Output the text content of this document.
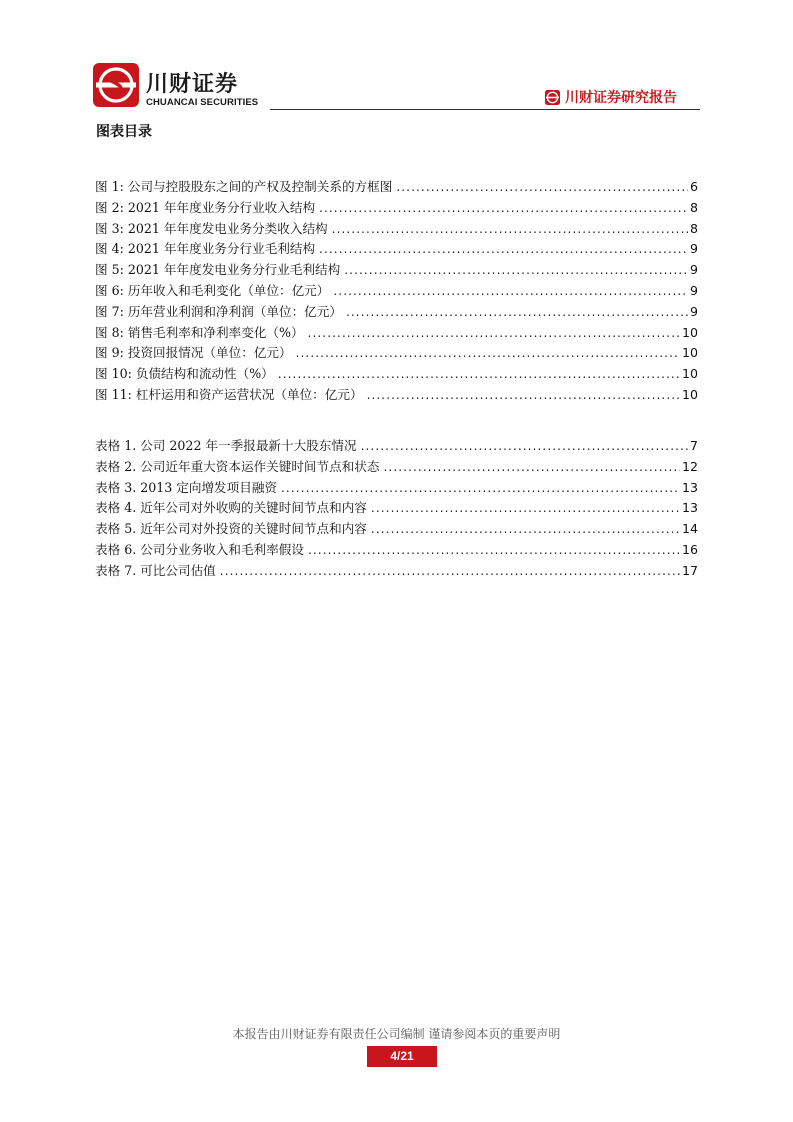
川财证券
CHUANCAI SECURITIES	川财证券研究报告
图表目录
图 1: 公司与控股股东之间的产权及控制关系的方框图 .....	6
图 2: 2021 年年度业务分行业收入结构 .....	8
图 3: 2021 年年度发电业务分类收入结构 .....	8
图 4: 2021 年年度业务分行业毛利结构 .....	9
图 5: 2021 年年度发电业务分行业毛利结构 .....	9
图 6: 历年收入和毛利变化（单位：亿元） .....	9
图 7: 历年营业利润和净利润（单位：亿元） .....	9
图 8: 销售毛利率和净利率变化（%） .....	10
图 9: 投资回报情况（单位：亿元） .....	10
图 10: 负债结构和流动性（%） .....	10
图 11: 杠杆运用和资产运营状况（单位：亿元） .....	10
表格 1. 公司 2022 年一季报最新十大股东情况 .....	7
表格 2. 公司近年重大资本运作关键时间节点和状态 .....	12
表格 3. 2013 定向增发项目融资 .....	13
表格 4. 近年公司对外收购的关键时间节点和内容 .....	13
表格 5. 近年公司对外投资的关键时间节点和内容 .....	14
表格 6. 公司分业务收入和毛利率假设 .....	16
表格 7. 可比公司估值 .....	17
本报告由川财证券有限责任公司编制 谨请参阅本页的重要声明
4/21
